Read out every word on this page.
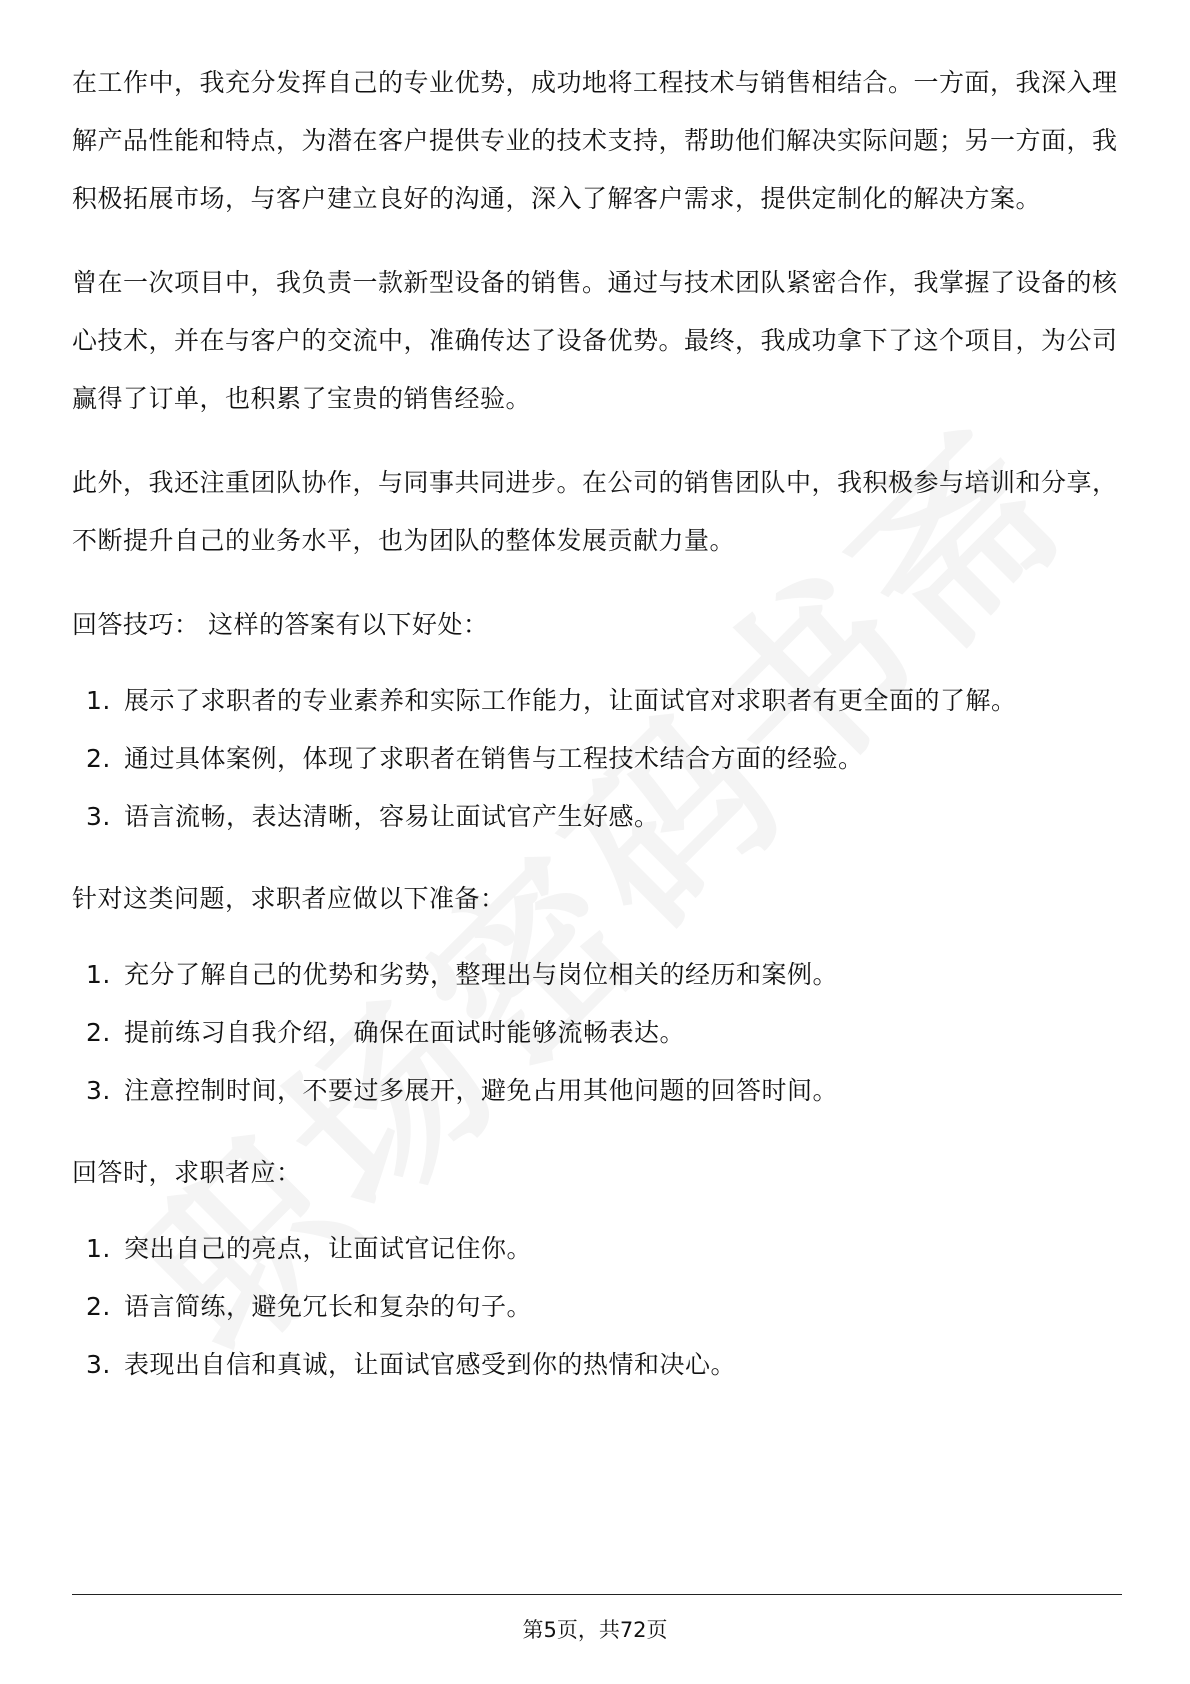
在工作中，我充分发挥自己的专业优势，成功地将工程技术与销售相结合。一方面，我深入理解产品性能和特点，为潜在客户提供专业的技术支持，帮助他们解决实际问题；另一方面，我积极拓展市场，与客户建立良好的沟通，深入了解客户需求，提供定制化的解决方案。

曾在一次项目中，我负责一款新型设备的销售。通过与技术团队紧密合作，我掌握了设备的核心技术，并在与客户的交流中，准确传达了设备优势。最终，我成功拿下了这个项目，为公司赢得了订单，也积累了宝贵的销售经验。

此外，我还注重团队协作，与同事共同进步。在公司的销售团队中，我积极参与培训和分享，不断提升自己的业务水平，也为团队的整体发展贡献力量。

回答技巧： 这样的答案有以下好处：

1. 展示了求职者的专业素养和实际工作能力，让面试官对求职者有更全面的了解。
2. 通过具体案例，体现了求职者在销售与工程技术结合方面的经验。
3. 语言流畅，表达清晰，容易让面试官产生好感。

针对这类问题，求职者应做以下准备：

1. 充分了解自己的优势和劣势，整理出与岗位相关的经历和案例。
2. 提前练习自我介绍，确保在面试时能够流畅表达。
3. 注意控制时间，不要过多展开，避免占用其他问题的回答时间。

回答时，求职者应：

1. 突出自己的亮点，让面试官记住你。
2. 语言简练，避免冗长和复杂的句子。
3. 表现出自信和真诚，让面试官感受到你的热情和决心。
第5页，共72页
